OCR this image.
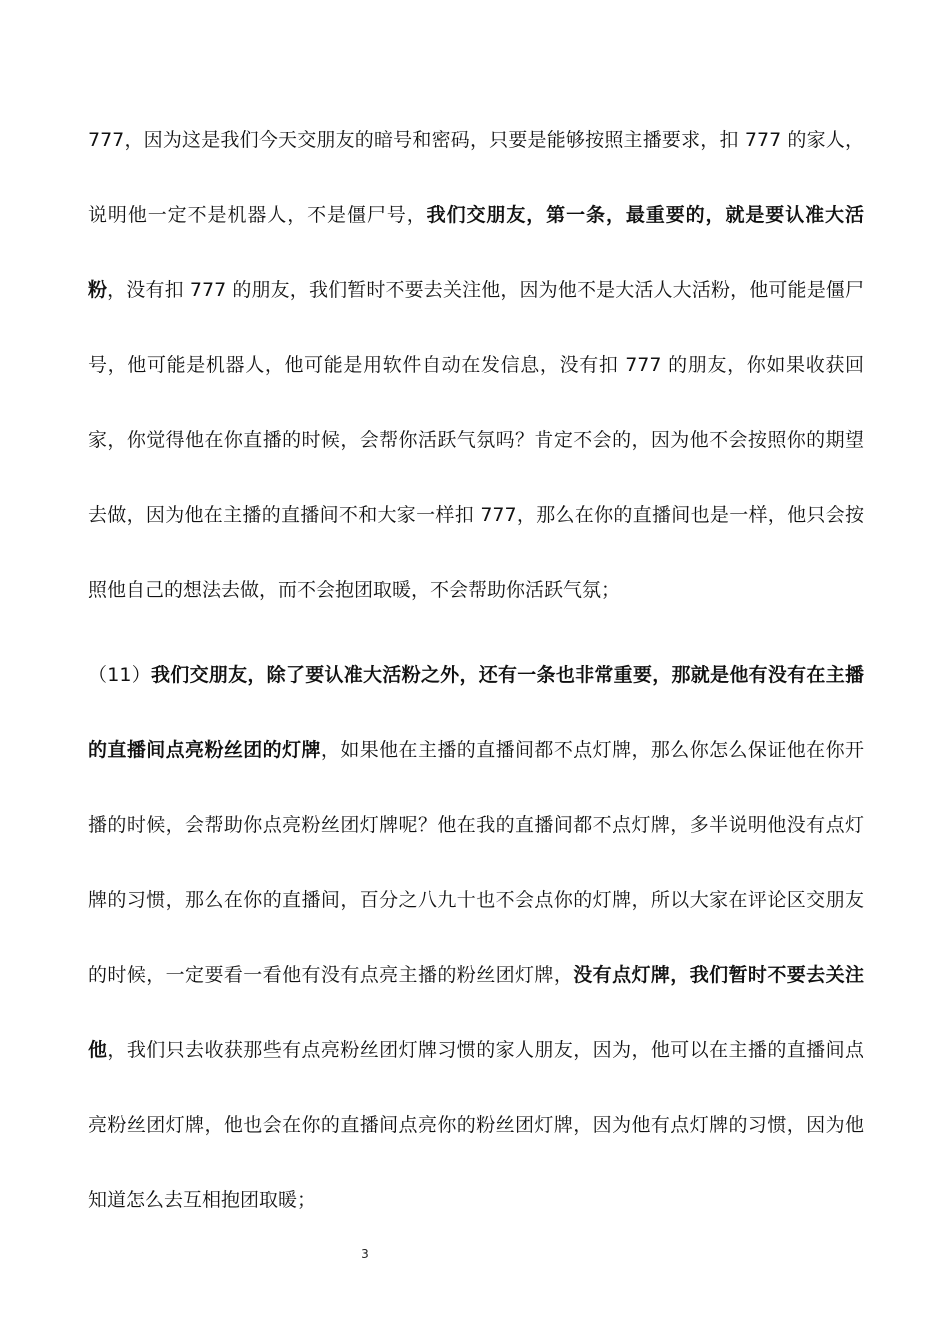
777，因为这是我们今天交朋友的暗号和密码，只要是能够按照主播要求，扣 777 的家人，
说明他一定不是机器人，不是僵尸号，我们交朋友，第一条，最重要的，就是要认准大活
粉，没有扣 777 的朋友，我们暂时不要去关注他，因为他不是大活人大活粉，他可能是僵尸
号，他可能是机器人，他可能是用软件自动在发信息，没有扣 777 的朋友，你如果收获回
家，你觉得他在你直播的时候，会帮你活跃气氛吗？肯定不会的，因为他不会按照你的期望
去做，因为他在主播的直播间不和大家一样扣 777，那么在你的直播间也是一样，他只会按
照他自己的想法去做，而不会抱团取暖，不会帮助你活跃气氛；
（11）我们交朋友，除了要认准大活粉之外，还有一条也非常重要，那就是他有没有在主播
的直播间点亮粉丝团的灯牌，如果他在主播的直播间都不点灯牌，那么你怎么保证他在你开
播的时候，会帮助你点亮粉丝团灯牌呢？他在我的直播间都不点灯牌，多半说明他没有点灯
牌的习惯，那么在你的直播间，百分之八九十也不会点你的灯牌，所以大家在评论区交朋友
的时候，一定要看一看他有没有点亮主播的粉丝团灯牌，没有点灯牌，我们暂时不要去关注
他，我们只去收获那些有点亮粉丝团灯牌习惯的家人朋友，因为，他可以在主播的直播间点
亮粉丝团灯牌，他也会在你的直播间点亮你的粉丝团灯牌，因为他有点灯牌的习惯，因为他
知道怎么去互相抱团取暖；
3
